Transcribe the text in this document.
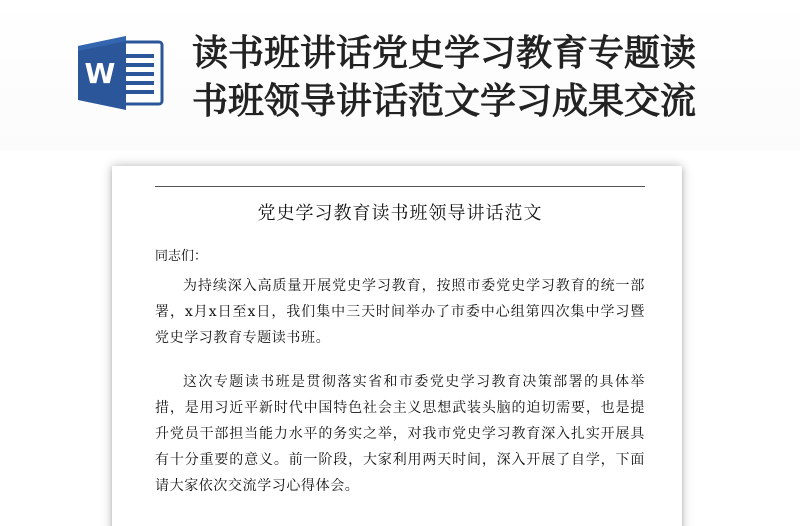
W 读书班讲话党史学习教育专题读
书班领导讲话范文学习成果交流
党史学习教育读书班领导讲话范文
同志们：
为持续深入高质量开展党史学习教育，按照市委党史学习教育的统一部署，x月x日至x日，我们集中三天时间举办了市委中心组第四次集中学习暨党史学习教育专题读书班。
这次专题读书班是贯彻落实省和市委党史学习教育决策部署的具体举措，是用习近平新时代中国特色社会主义思想武装头脑的迫切需要，也是提升党员干部担当能力水平的务实之举，对我市党史学习教育深入扎实开展具有十分重要的意义。前一阶段，大家利用两天时间，深入开展了自学，下面请大家依次交流学习心得体会。
